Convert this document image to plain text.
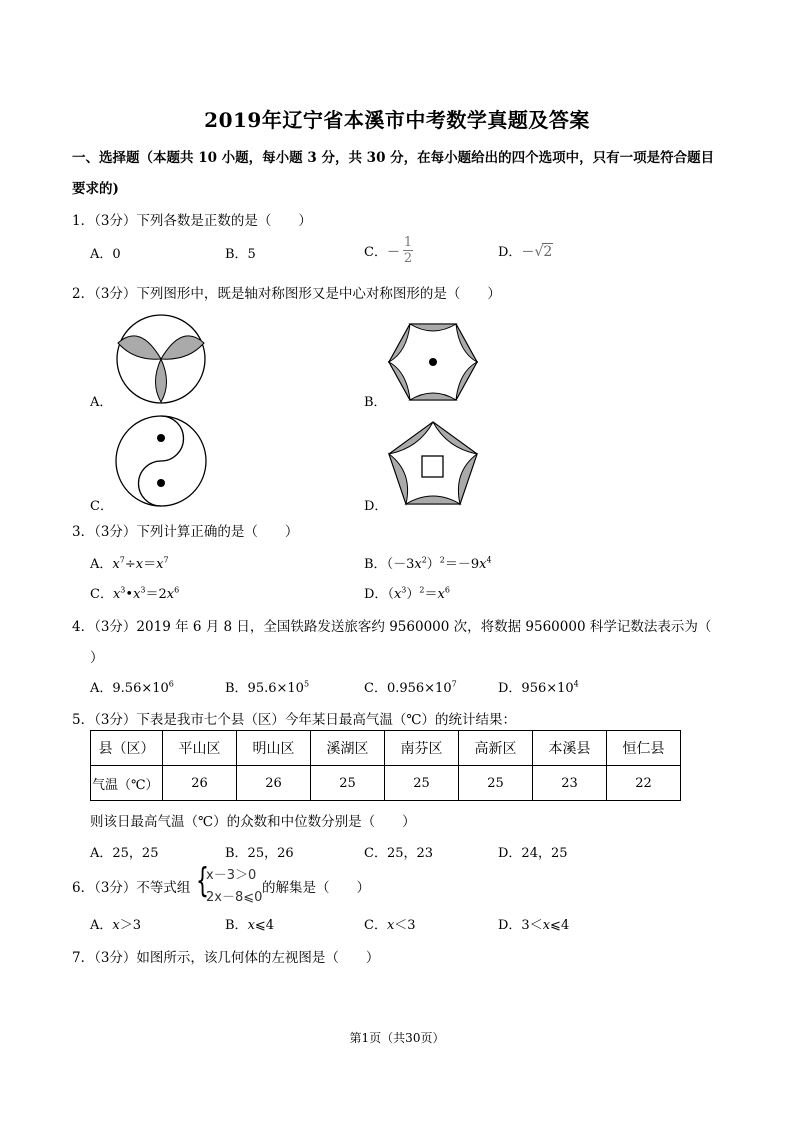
2019年辽宁省本溪市中考数学真题及答案
一、选择题（本题共 10 小题，每小题 3 分，共 30 分，在每小题给出的四个选项中，只有一项是符合题目
要求的)
1．（3分）下列各数是正数的是（　　）
A．0	B．5	C．－ $\frac{1}{2}$	D．－√2
2．（3分）下列图形中，既是轴对称图形又是中心对称图形的是（　　）
A．	B．
C．	D．
3．（3分）下列计算正确的是（　　）
A．$x^7\div x=x^7$	B．$(-3x^2)^2=-9x^4$
C．$x^3•x^3=2x^6$	D．$(x^3)^2=x^6$
4．（3分）2019 年 6 月 8 日，全国铁路发送旅客约 9560000 次，将数据 9560000 科学记数法表示为（
）
A．$9.56\times 10^6$	B．$95.6\times 10^5$	C．$0.956\times 10^7$	D．$956\times 10^4$
5．（3分）下表是我市七个县（区）今年某日最高气温（℃）的统计结果：
县（区）	平山区	明山区	溪湖区	南芬区	高新区	本溪县	恒仁县
气温（℃）	26	26	25	25	25	23	22
则该日最高气温（℃）的众数和中位数分别是（　　）
A．25，25	B．25，26	C．25，23	D．24，25
6．（3分）不等式组 {
x－3＞0
2x－8⩽0
的解集是（　　）
A．x＞3	B．x⩽4	C．x＜3	D．3＜x⩽4
7．（3分）如图所示，该几何体的左视图是（　　）
第1页（共30页）
